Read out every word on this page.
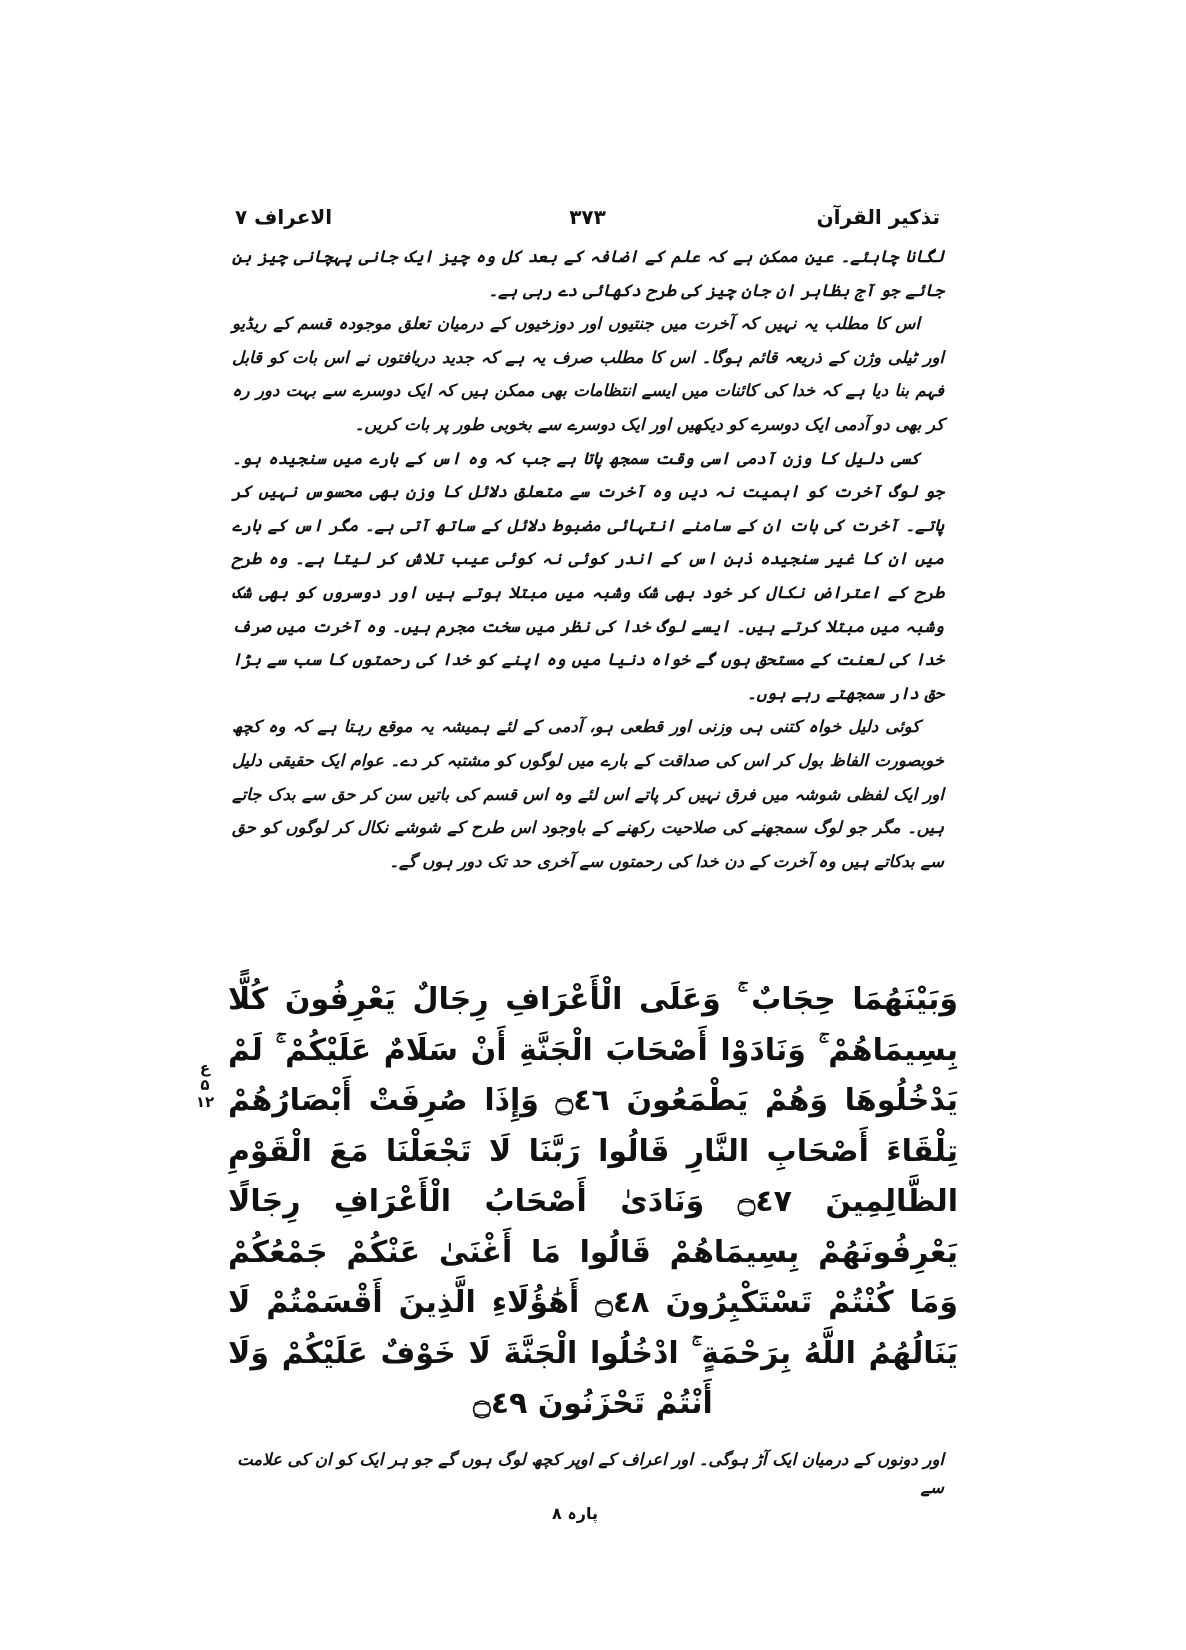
تذکیر القرآن
۳۷۳
الاعراف ۷

لگانا چاہئے۔ عین ممکن ہے کہ علم کے اضافہ کے بعد کل وہ چیز ایک جانی پہچانی چیز بن جائے جو آج بظاہر ان جان چیز کی طرح دکھائی دے رہی ہے۔

اس کا مطلب یہ نہیں کہ آخرت میں جنتیوں اور دوزخیوں کے درمیان تعلق موجودہ قسم کے ریڈیو اور ٹیلی وژن کے ذریعہ قائم ہوگا۔ اس کا مطلب صرف یہ ہے کہ جدید دریافتوں نے اس بات کو قابل فہم بنا دیا ہے کہ خدا کی کائنات میں ایسے انتظامات بھی ممکن ہیں کہ ایک دوسرے سے بہت دور رہ کر بھی دو آدمی ایک دوسرے کو دیکھیں اور ایک دوسرے سے بخوبی طور پر بات کریں۔

کسی دلیل کا وزن آدمی اسی وقت سمجھ پاتا ہے جب کہ وہ اس کے بارے میں سنجیدہ ہو۔ جو لوگ آخرت کو اہمیت نہ دیں وہ آخرت سے متعلق دلائل کا وزن بھی محسوس نہیں کر پاتے۔ آخرت کی بات ان کے سامنے انتہائی مضبوط دلائل کے ساتھ آتی ہے۔ مگر اس کے بارے میں ان کا غیر سنجیدہ ذہن اس کے اندر کوئی نہ کوئی عیب تلاش کر لیتا ہے۔ وہ طرح طرح کے اعتراض نکال کر خود بھی شک وشبہ میں مبتلا ہوتے ہیں اور دوسروں کو بھی شک وشبہ میں مبتلا کرتے ہیں۔ ایسے لوگ خدا کی نظر میں سخت مجرم ہیں۔ وہ آخرت میں صرف خدا کی لعنت کے مستحق ہوں گے خواہ دنیا میں وہ اپنے کو خدا کی رحمتوں کا سب سے بڑا حق دار سمجھتے رہے ہوں۔

کوئی دلیل خواہ کتنی ہی وزنی اور قطعی ہو، آدمی کے لئے ہمیشہ یہ موقع رہتا ہے کہ وہ کچھ خوبصورت الفاظ بول کر اس کی صداقت کے بارے میں لوگوں کو مشتبہ کر دے۔ عوام ایک حقیقی دلیل اور ایک لفظی شوشہ میں فرق نہیں کر پاتے اس لئے وہ اس قسم کی باتیں سن کر حق سے بدک جاتے ہیں۔ مگر جو لوگ سمجھنے کی صلاحیت رکھنے کے باوجود اس طرح کے شوشے نکال کر لوگوں کو حق سے بدکاتے ہیں وہ آخرت کے دن خدا کی رحمتوں سے آخری حد تک دور ہوں گے۔

وَبَيْنَهُمَا حِجَابٌ ۚ وَعَلَى الْأَعْرَافِ رِجَالٌ يَعْرِفُونَ كُلًّا بِسِيمَاهُمْ ۚ وَنَادَوْا أَصْحَابَ الْجَنَّةِ أَنْ سَلَامٌ عَلَيْكُمْ ۚ لَمْ يَدْخُلُوهَا وَهُمْ يَطْمَعُونَ ۝٤٦ وَإِذَا صُرِفَتْ أَبْصَارُهُمْ تِلْقَاءَ أَصْحَابِ النَّارِ قَالُوا رَبَّنَا لَا تَجْعَلْنَا مَعَ الْقَوْمِ الظَّالِمِينَ ۝٤٧ وَنَادَىٰ أَصْحَابُ الْأَعْرَافِ رِجَالًا يَعْرِفُونَهُمْ بِسِيمَاهُمْ قَالُوا مَا أَغْنَىٰ عَنْكُمْ جَمْعُكُمْ وَمَا كُنْتُمْ تَسْتَكْبِرُونَ ۝٤٨ أَهَٰؤُلَاءِ الَّذِينَ أَقْسَمْتُمْ لَا يَنَالُهُمُ اللَّهُ بِرَحْمَةٍ ۚ ادْخُلُوا الْجَنَّةَ لَا خَوْفٌ عَلَيْكُمْ وَلَا أَنْتُمْ تَحْزَنُونَ ۝٤٩
ع ۵ ۱۲
اور دونوں کے درمیان ایک آڑ ہوگی۔ اور اعراف کے اوپر کچھ لوگ ہوں گے جو ہر ایک کو ان کی علامت سے
پارہ ۸
